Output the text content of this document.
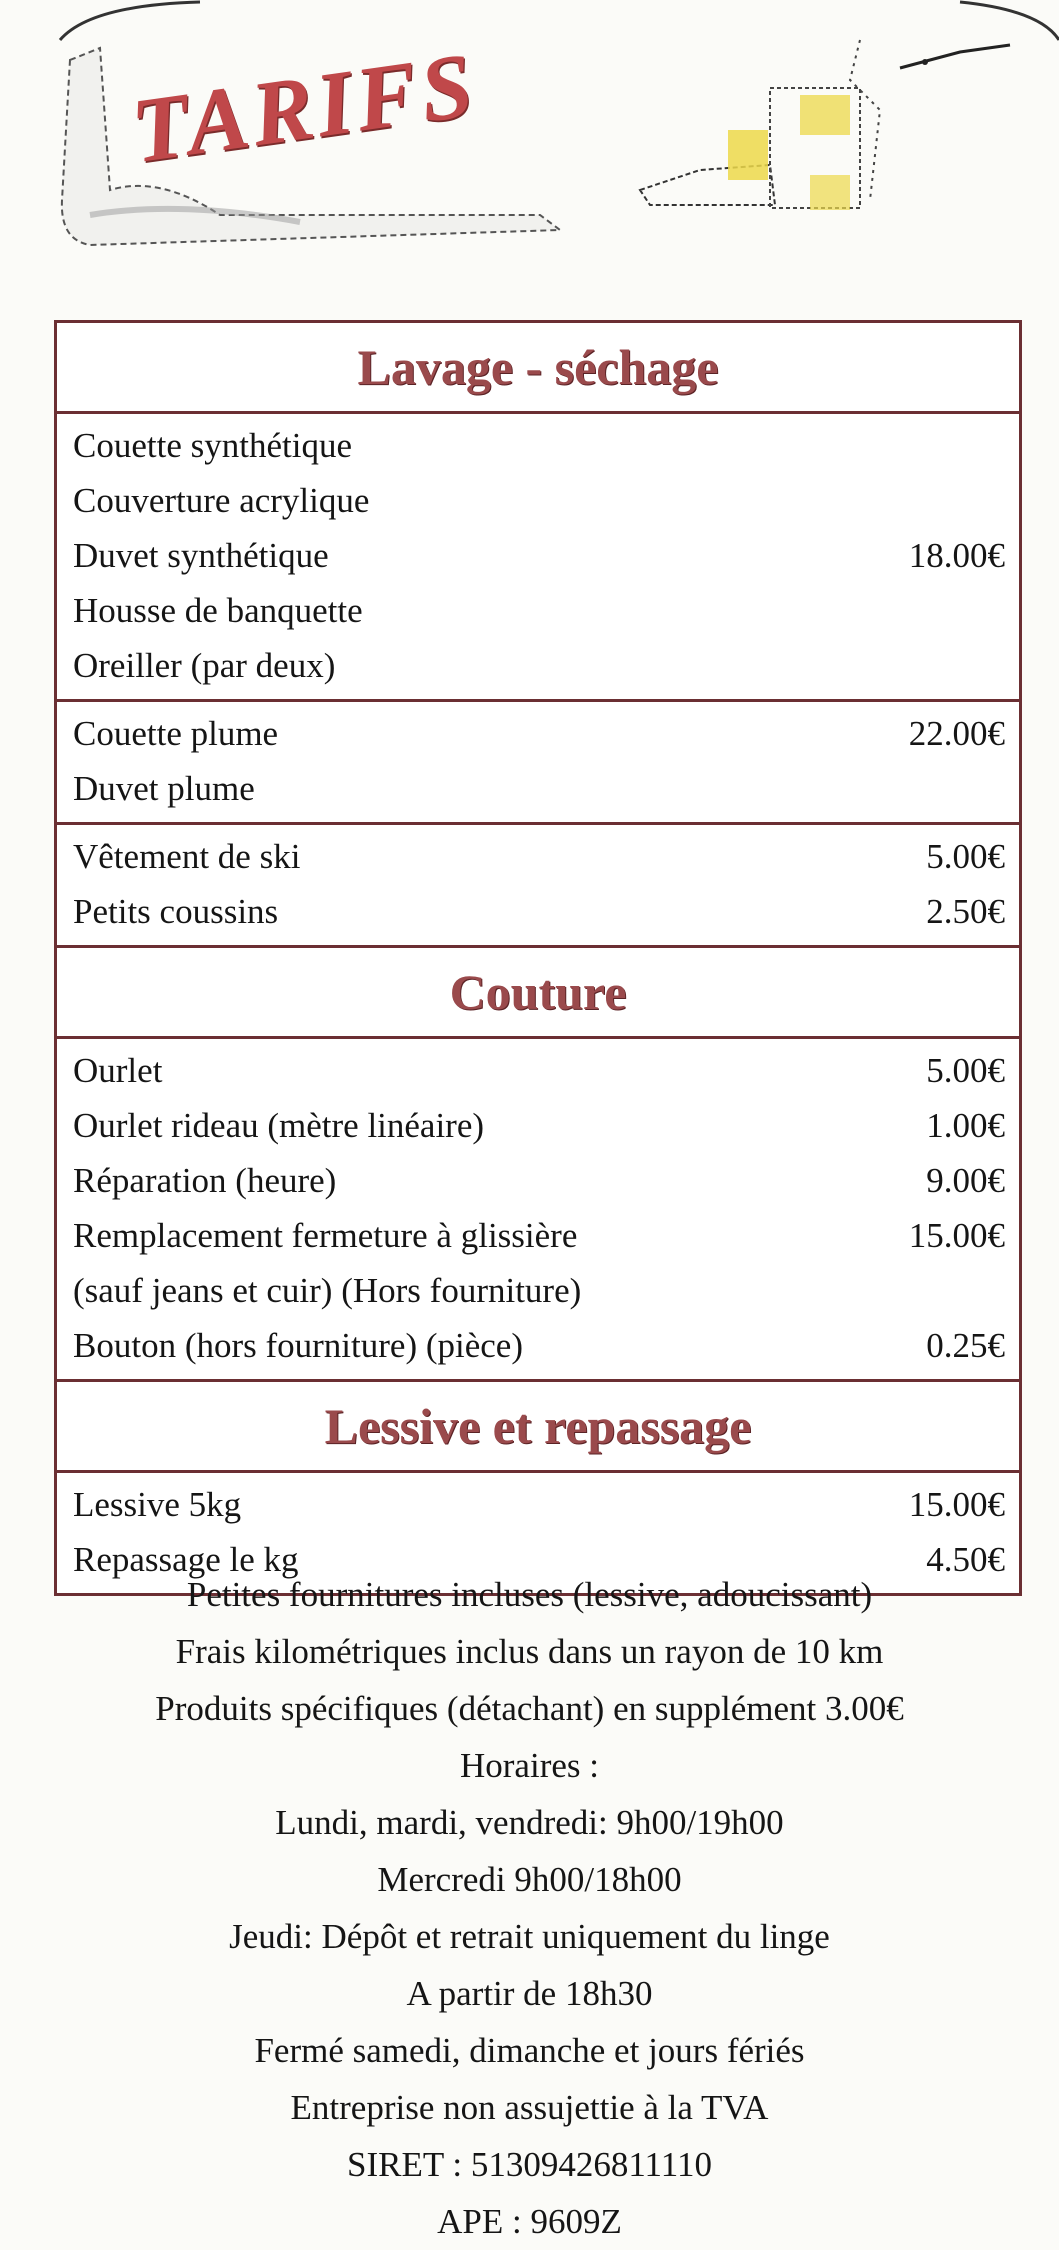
TARIFS
Lavage - séchage
Couette synthétique
Couverture acrylique
Duvet synthétique	18.00€
Housse de banquette
Oreiller (par deux)
Couette plume	22.00€
Duvet plume
Vêtement de ski	5.00€
Petits coussins	2.50€
Couture
Ourlet	5.00€
Ourlet rideau (mètre linéaire)	1.00€
Réparation (heure)	9.00€
Remplacement fermeture à glissière	15.00€
(sauf jeans et cuir) (Hors fourniture)
Bouton (hors fourniture) (pièce)	0.25€
Lessive et repassage
Lessive 5kg	15.00€
Repassage le kg	4.50€
Petites fournitures incluses (lessive, adoucissant)
Frais kilométriques inclus dans un rayon de 10 km
Produits spécifiques (détachant) en supplément 3.00€
Horaires :
Lundi, mardi, vendredi: 9h00/19h00
Mercredi 9h00/18h00
Jeudi: Dépôt et retrait uniquement du linge
A partir de 18h30
Fermé samedi, dimanche et jours fériés
Entreprise non assujettie à la TVA
SIRET : 51309426811110
APE : 9609Z
